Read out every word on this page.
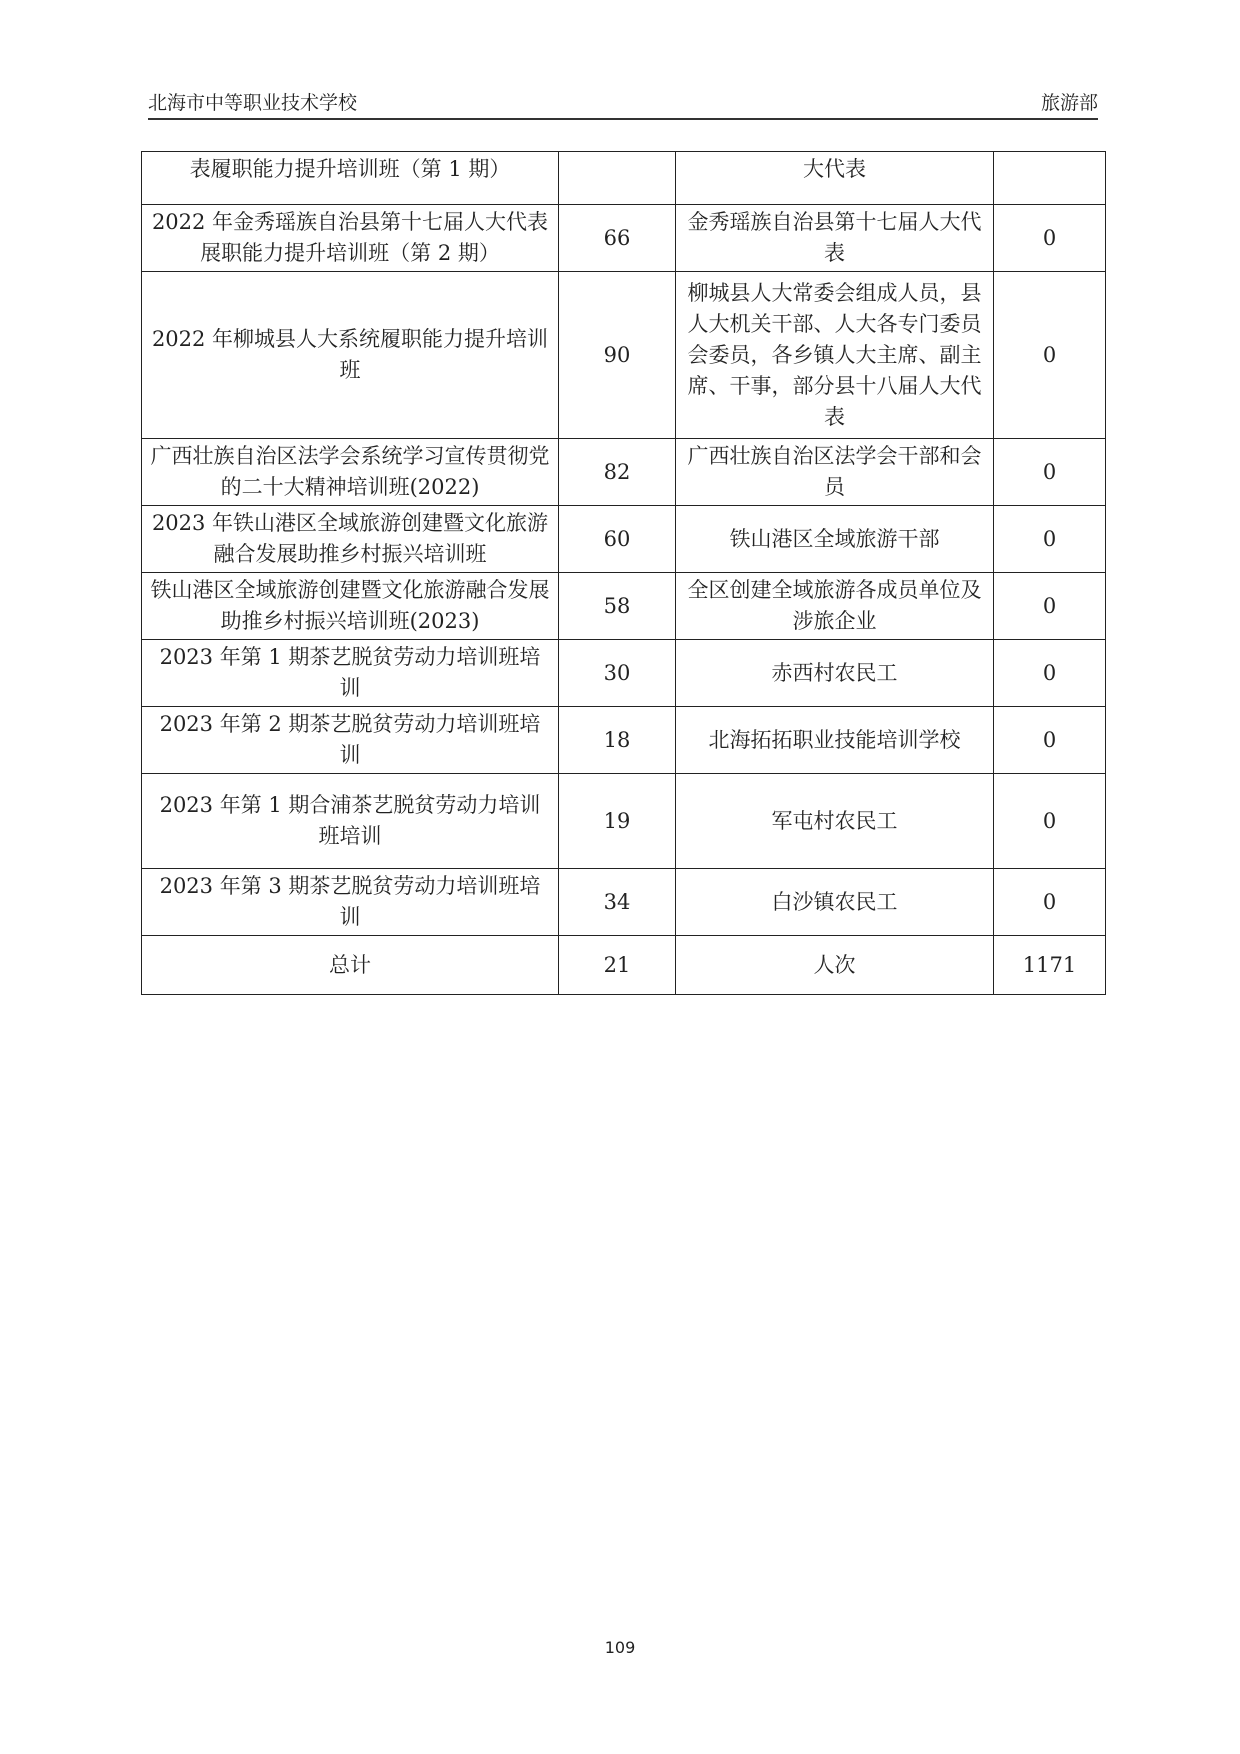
北海市中等职业技术学校	旅游部
表履职能力提升培训班（第 1 期）		大代表	
2022 年金秀瑶族自治县第十七届人大代表展职能力提升培训班（第 2 期）	66	金秀瑶族自治县第十七届人大代表	0
2022 年柳城县人大系统履职能力提升培训班	90	柳城县人大常委会组成人员，县人大机关干部、人大各专门委员会委员，各乡镇人大主席、副主席、干事，部分县十八届人大代表	0
广西壮族自治区法学会系统学习宣传贯彻党的二十大精神培训班(2022)	82	广西壮族自治区法学会干部和会员	0
2023 年铁山港区全域旅游创建暨文化旅游融合发展助推乡村振兴培训班	60	铁山港区全域旅游干部	0
铁山港区全域旅游创建暨文化旅游融合发展助推乡村振兴培训班(2023)	58	全区创建全域旅游各成员单位及涉旅企业	0
2023 年第 1 期茶艺脱贫劳动力培训班培训	30	赤西村农民工	0
2023 年第 2 期茶艺脱贫劳动力培训班培训	18	北海拓拓职业技能培训学校	0
2023 年第 1 期合浦茶艺脱贫劳动力培训班培训	19	军屯村农民工	0
2023 年第 3 期茶艺脱贫劳动力培训班培训	34	白沙镇农民工	0
总计	21	人次	1171
109
